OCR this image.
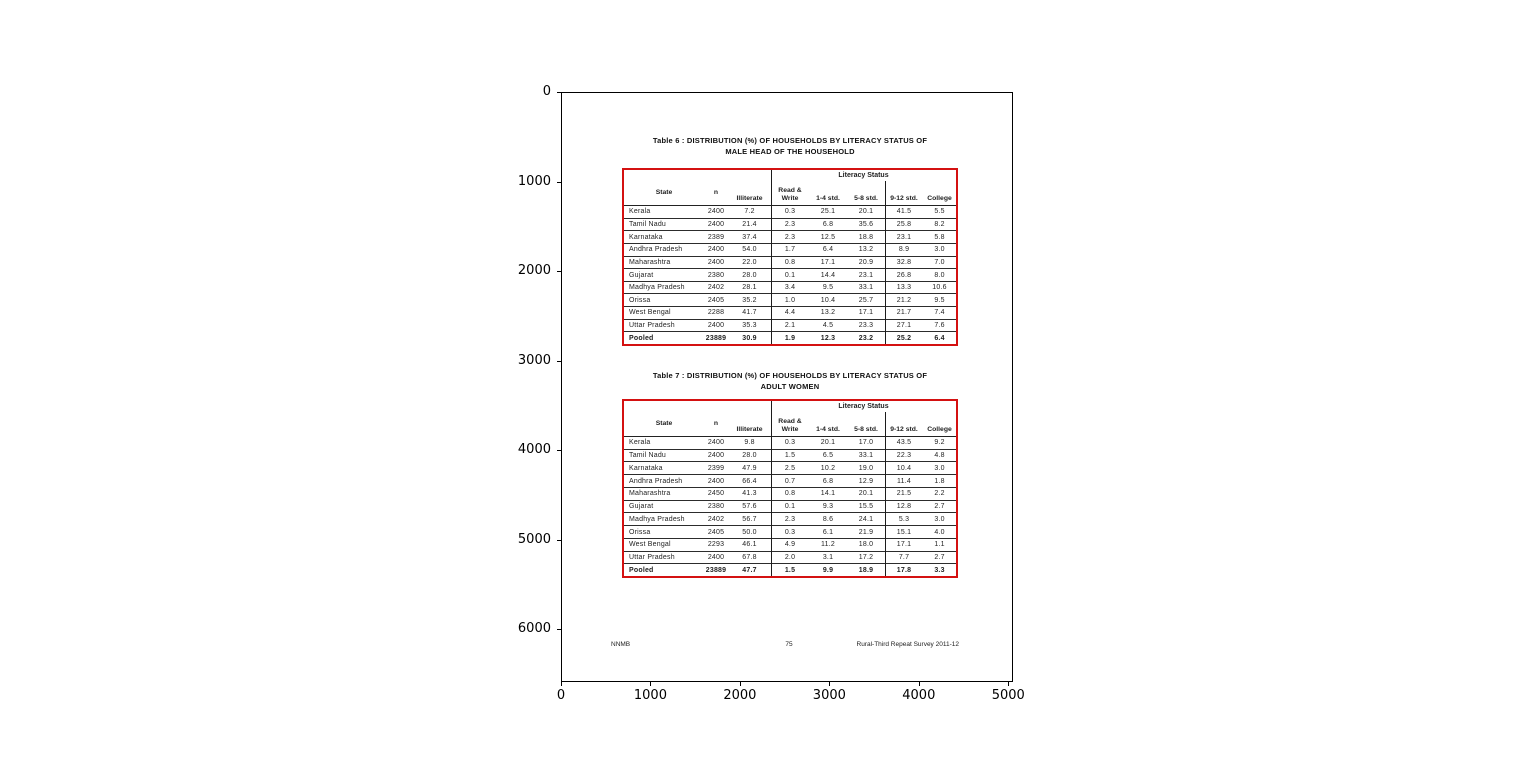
Table 6 : DISTRIBUTION (%) OF HOUSEHOLDS BY LITERACY STATUS OF
MALE HEAD OF THE HOUSEHOLD
Literacy Status
State	n
Illiterate
Read & Write	1-4 std.	5-8 std.	9-12 std.	College
Kerala	2400	7.2	0.3	25.1	20.1	41.5	5.5
Tamil Nadu	2400	21.4	2.3	6.8	35.6	25.8	8.2
Karnataka	2389	37.4	2.3	12.5	18.8	23.1	5.8
Andhra Pradesh	2400	54.0	1.7	6.4	13.2	8.9	3.0
Maharashtra	2400	22.0	0.8	17.1	20.9	32.8	7.0
Gujarat	2380	28.0	0.1	14.4	23.1	26.8	8.0
Madhya Pradesh	2402	28.1	3.4	9.5	33.1	13.3	10.6
Orissa	2405	35.2	1.0	10.4	25.7	21.2	9.5
West Bengal	2288	41.7	4.4	13.2	17.1	21.7	7.4
Uttar Pradesh	2400	35.3	2.1	4.5	23.3	27.1	7.6
Pooled	23889	30.9	1.9	12.3	23.2	25.2	6.4
Table 7 : DISTRIBUTION (%) OF HOUSEHOLDS BY LITERACY STATUS OF
ADULT WOMEN
Literacy Status
State	n
Illiterate
Read & Write	1-4 std.	5-8 std.	9-12 std.	College
Kerala	2400	9.8	0.3	20.1	17.0	43.5	9.2
Tamil Nadu	2400	28.0	1.5	6.5	33.1	22.3	4.8
Karnataka	2399	47.9	2.5	10.2	19.0	10.4	3.0
Andhra Pradesh	2400	66.4	0.7	6.8	12.9	11.4	1.8
Maharashtra	2450	41.3	0.8	14.1	20.1	21.5	2.2
Gujarat	2380	57.6	0.1	9.3	15.5	12.8	2.7
Madhya Pradesh	2402	56.7	2.3	8.6	24.1	5.3	3.0
Orissa	2405	50.0	0.3	6.1	21.9	15.1	4.0
West Bengal	2293	46.1	4.9	11.2	18.0	17.1	1.1
Uttar Pradesh	2400	67.8	2.0	3.1	17.2	7.7	2.7
Pooled	23889	47.7	1.5	9.9	18.9	17.8	3.3
NNMB	75	Rural-Third Repeat Survey 2011-12
0	1000	2000	3000	4000	5000
0
1000
2000
3000
4000
5000
6000
